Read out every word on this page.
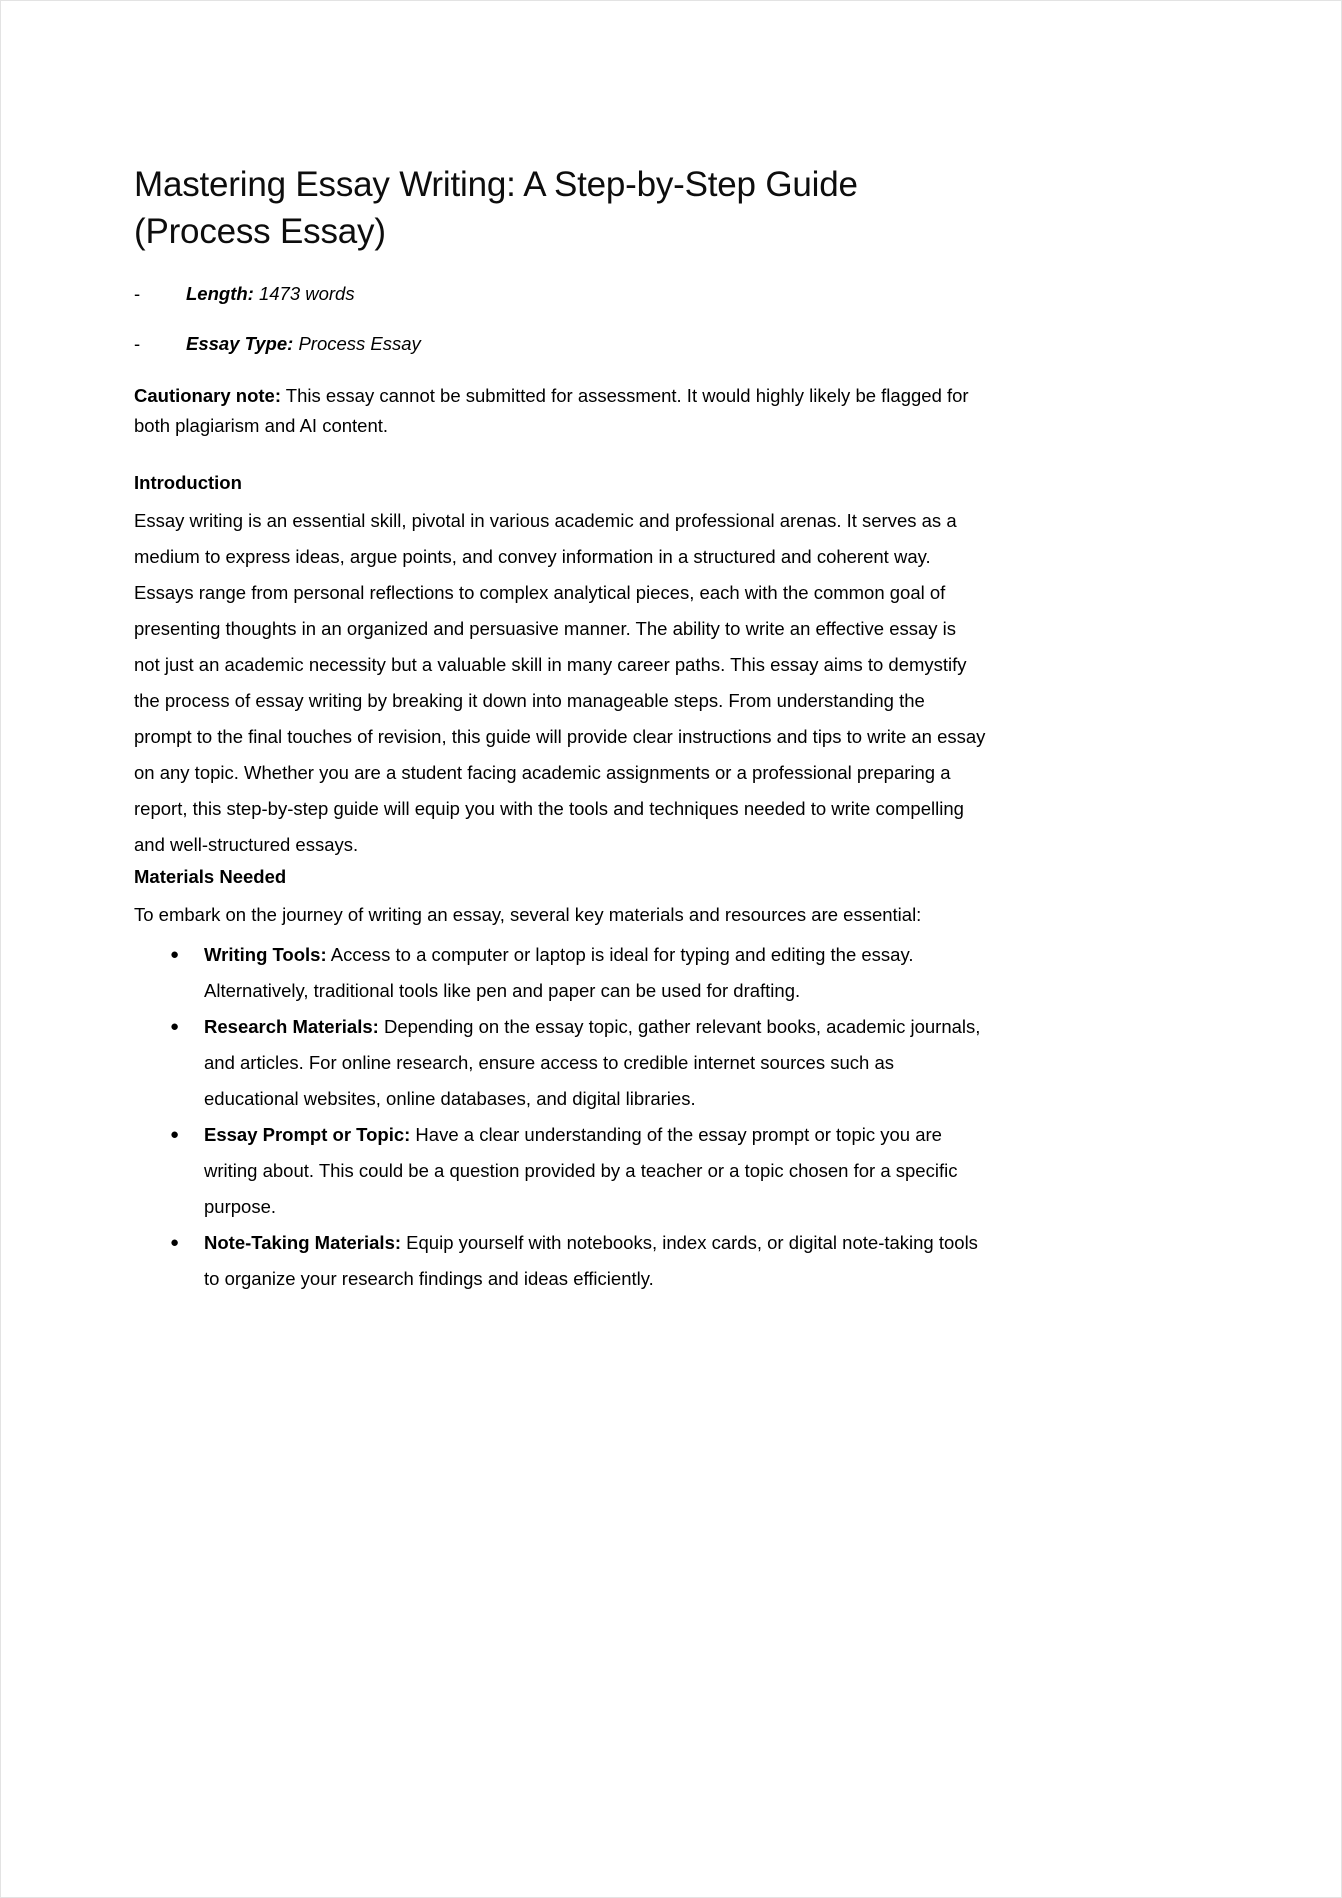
Mastering Essay Writing: A Step-by-Step Guide (Process Essay)
- Length: 1473 words
- Essay Type: Process Essay

Cautionary note: This essay cannot be submitted for assessment. It would highly likely be flagged for both plagiarism and AI content.

Introduction

Essay writing is an essential skill, pivotal in various academic and professional arenas. It serves as a medium to express ideas, argue points, and convey information in a structured and coherent way. Essays range from personal reflections to complex analytical pieces, each with the common goal of presenting thoughts in an organized and persuasive manner. The ability to write an effective essay is not just an academic necessity but a valuable skill in many career paths. This essay aims to demystify the process of essay writing by breaking it down into manageable steps. From understanding the prompt to the final touches of revision, this guide will provide clear instructions and tips to write an essay on any topic. Whether you are a student facing academic assignments or a professional preparing a report, this step-by-step guide will equip you with the tools and techniques needed to write compelling and well-structured essays.

Materials Needed

To embark on the journey of writing an essay, several key materials and resources are essential:

● Writing Tools: Access to a computer or laptop is ideal for typing and editing the essay. Alternatively, traditional tools like pen and paper can be used for drafting.
● Research Materials: Depending on the essay topic, gather relevant books, academic journals, and articles. For online research, ensure access to credible internet sources such as educational websites, online databases, and digital libraries.
● Essay Prompt or Topic: Have a clear understanding of the essay prompt or topic you are writing about. This could be a question provided by a teacher or a topic chosen for a specific purpose.
● Note-Taking Materials: Equip yourself with notebooks, index cards, or digital note-taking tools to organize your research findings and ideas efficiently.
